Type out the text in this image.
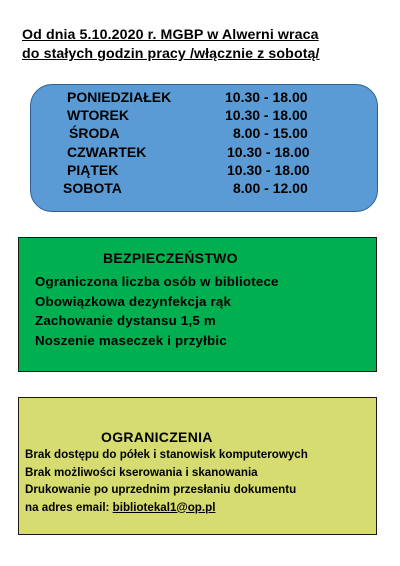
Od dnia 5.10.2020 r. MGBP w Alwerni wraca
do stałych godzin pracy /włącznie z sobotą/
PONIEDZIAŁEK	10.30 - 18.00
WTOREK	10.30 - 18.00
ŚRODA	8.00 - 15.00
CZWARTEK	10.30 - 18.00
PIĄTEK	10.30 - 18.00
SOBOTA	8.00 - 12.00
BEZPIECZEŃSTWO
Ograniczona liczba osób w bibliotece
Obowiązkowa dezynfekcja rąk
Zachowanie dystansu 1,5 m
Noszenie maseczek i przyłbic
OGRANICZENIA
Brak dostępu do półek i stanowisk komputerowych
Brak możliwości kserowania i skanowania
Drukowanie po uprzednim przesłaniu dokumentu
na adres email: bibliotekal1@op.pl
